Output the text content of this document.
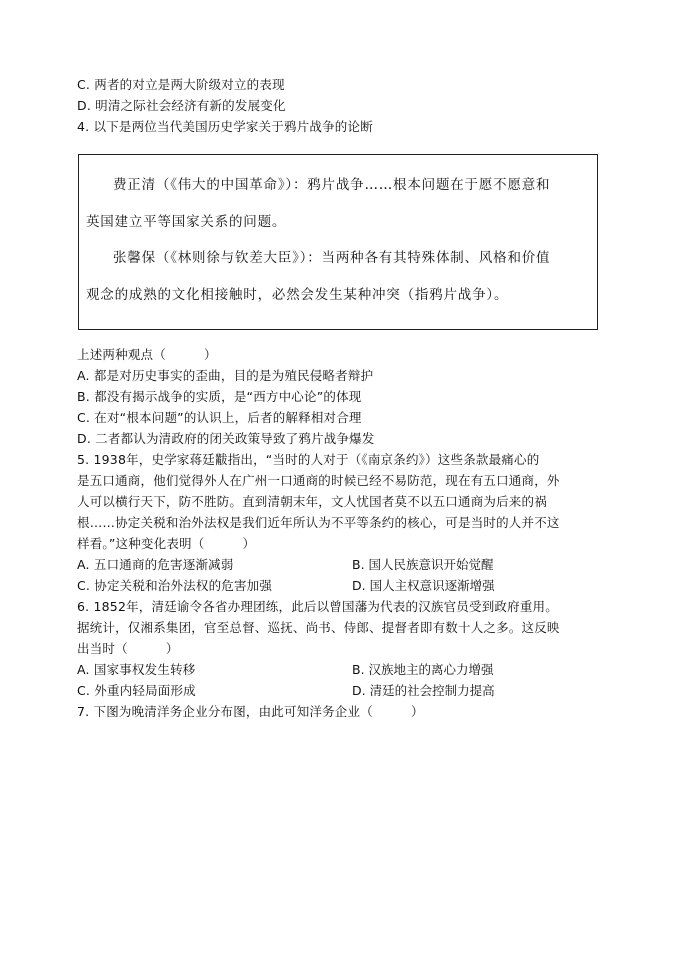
C. 两者的对立是两大阶级对立的表现
D. 明清之际社会经济有新的发展变化
4. 以下是两位当代美国历史学家关于鸦片战争的论断
费正清（《伟大的中国革命》）：鸦片战争……根本问题在于愿不愿意和
英国建立平等国家关系的问题。
张馨保（《林则徐与钦差大臣》）：当两种各有其特殊体制、风格和价值
观念的成熟的文化相接触时，必然会发生某种冲突（指鸦片战争）。
上述两种观点（　　　）
A. 都是对历史事实的歪曲，目的是为殖民侵略者辩护
B. 都没有揭示战争的实质，是“西方中心论”的体现
C. 在对“根本问题”的认识上，后者的解释相对合理
D. 二者都认为清政府的闭关政策导致了鸦片战争爆发
5. 1938年，史学家蒋廷黻指出，“当时的人对于（《南京条约》）这些条款最痛心的
是五口通商，他们觉得外人在广州一口通商的时候已经不易防范，现在有五口通商，外
人可以横行天下，防不胜防。直到清朝末年，文人忧国者莫不以五口通商为后来的祸
根……协定关税和治外法权是我们近年所认为不平等条约的核心，可是当时的人并不这
样看。”这种变化表明（　　　）
A. 五口通商的危害逐渐减弱	B. 国人民族意识开始觉醒
C. 协定关税和治外法权的危害加强	D. 国人主权意识逐渐增强
6. 1852年，清廷谕令各省办理团练，此后以曾国藩为代表的汉族官员受到政府重用。
据统计，仅湘系集团，官至总督、巡抚、尚书、侍郎、提督者即有数十人之多。这反映
出当时（　　　）
A. 国家事权发生转移	B. 汉族地主的离心力增强
C. 外重内轻局面形成	D. 清廷的社会控制力提高
7. 下图为晚清洋务企业分布图，由此可知洋务企业（　　　）
